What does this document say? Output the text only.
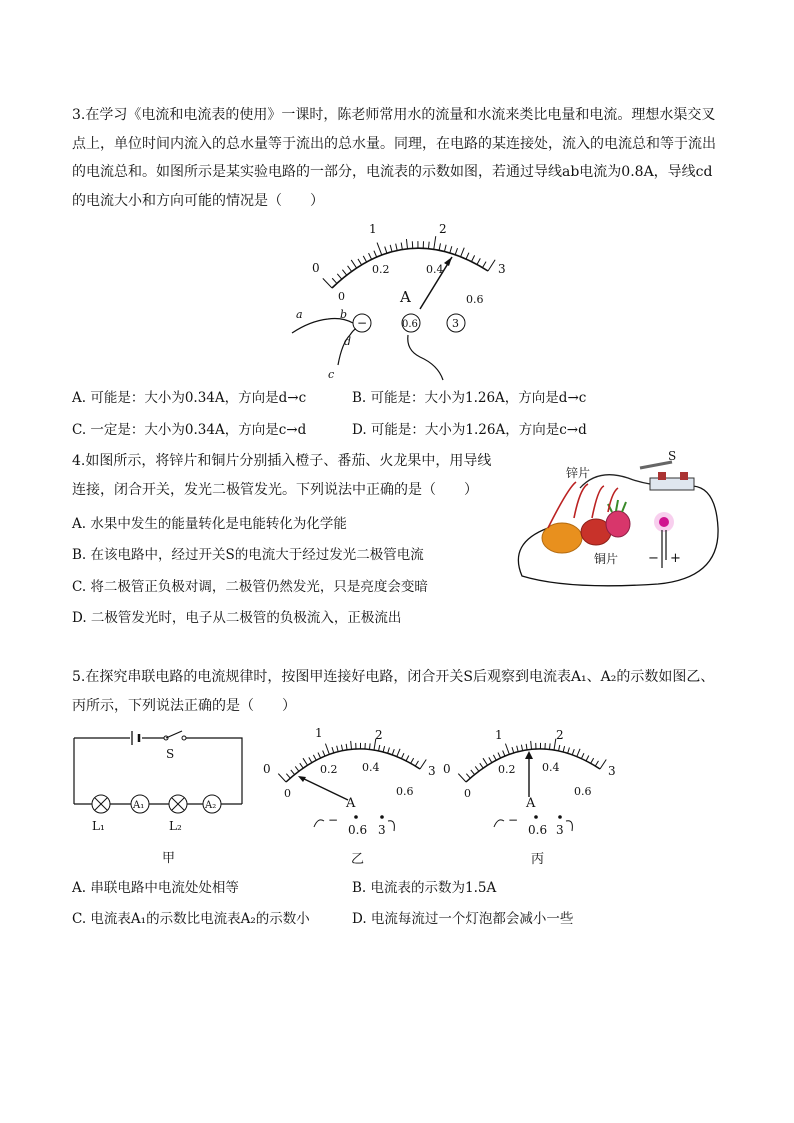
3.在学习《电流和电流表的使用》一课时，陈老师常用水的流量和水流来类比电量和电流。理想水渠交叉
点上，单位时间内流入的总水量等于流出的总水量。同理，在电路的某连接处，流入的电流总和等于流出
的电流总和。如图所示是某实验电路的一部分，电流表的示数如图，若通过导线ab电流为0.8A，导线cd
的电流大小和方向可能的情况是（　　）
0
1	2
3
0
0.2	0.4
0.6
A
−	0.6	3
a	b
c
d
A. 可能是：大小为0.34A，方向是d→c	B. 可能是：大小为1.26A，方向是d→c
C. 一定是：大小为0.34A，方向是c→d	D. 可能是：大小为1.26A，方向是c→d
4.如图所示，将锌片和铜片分别插入橙子、番茄、火龙果中，用导线
连接，闭合开关，发光二极管发光。下列说法中正确的是（　　）
A. 水果中发生的能量转化是电能转化为化学能
B. 在该电路中，经过开关S的电流大于经过发光二极管电流
C. 将二极管正负极对调，二极管仍然发光，只是亮度会变暗
D. 二极管发光时，电子从二极管的负极流入，正极流出
S
锌片
铜片 − +
5.在探究串联电路的电流规律时，按图甲连接好电路，闭合开关S后观察到电流表A₁、A₂的示数如图乙、
丙所示，下列说法正确的是（　　）
S
A₁	A₂
L₁	L₂
甲
0
1	2
3
0
0.2 0.4
0.6
A
−
0.6 3
乙
0
1	2
3
0
0.2 0.4
0.6
A
−
0.6 3
丙
A. 串联电路中电流处处相等	B. 电流表的示数为1.5A
C. 电流表A₁的示数比电流表A₂的示数小	D. 电流每流过一个灯泡都会减小一些
